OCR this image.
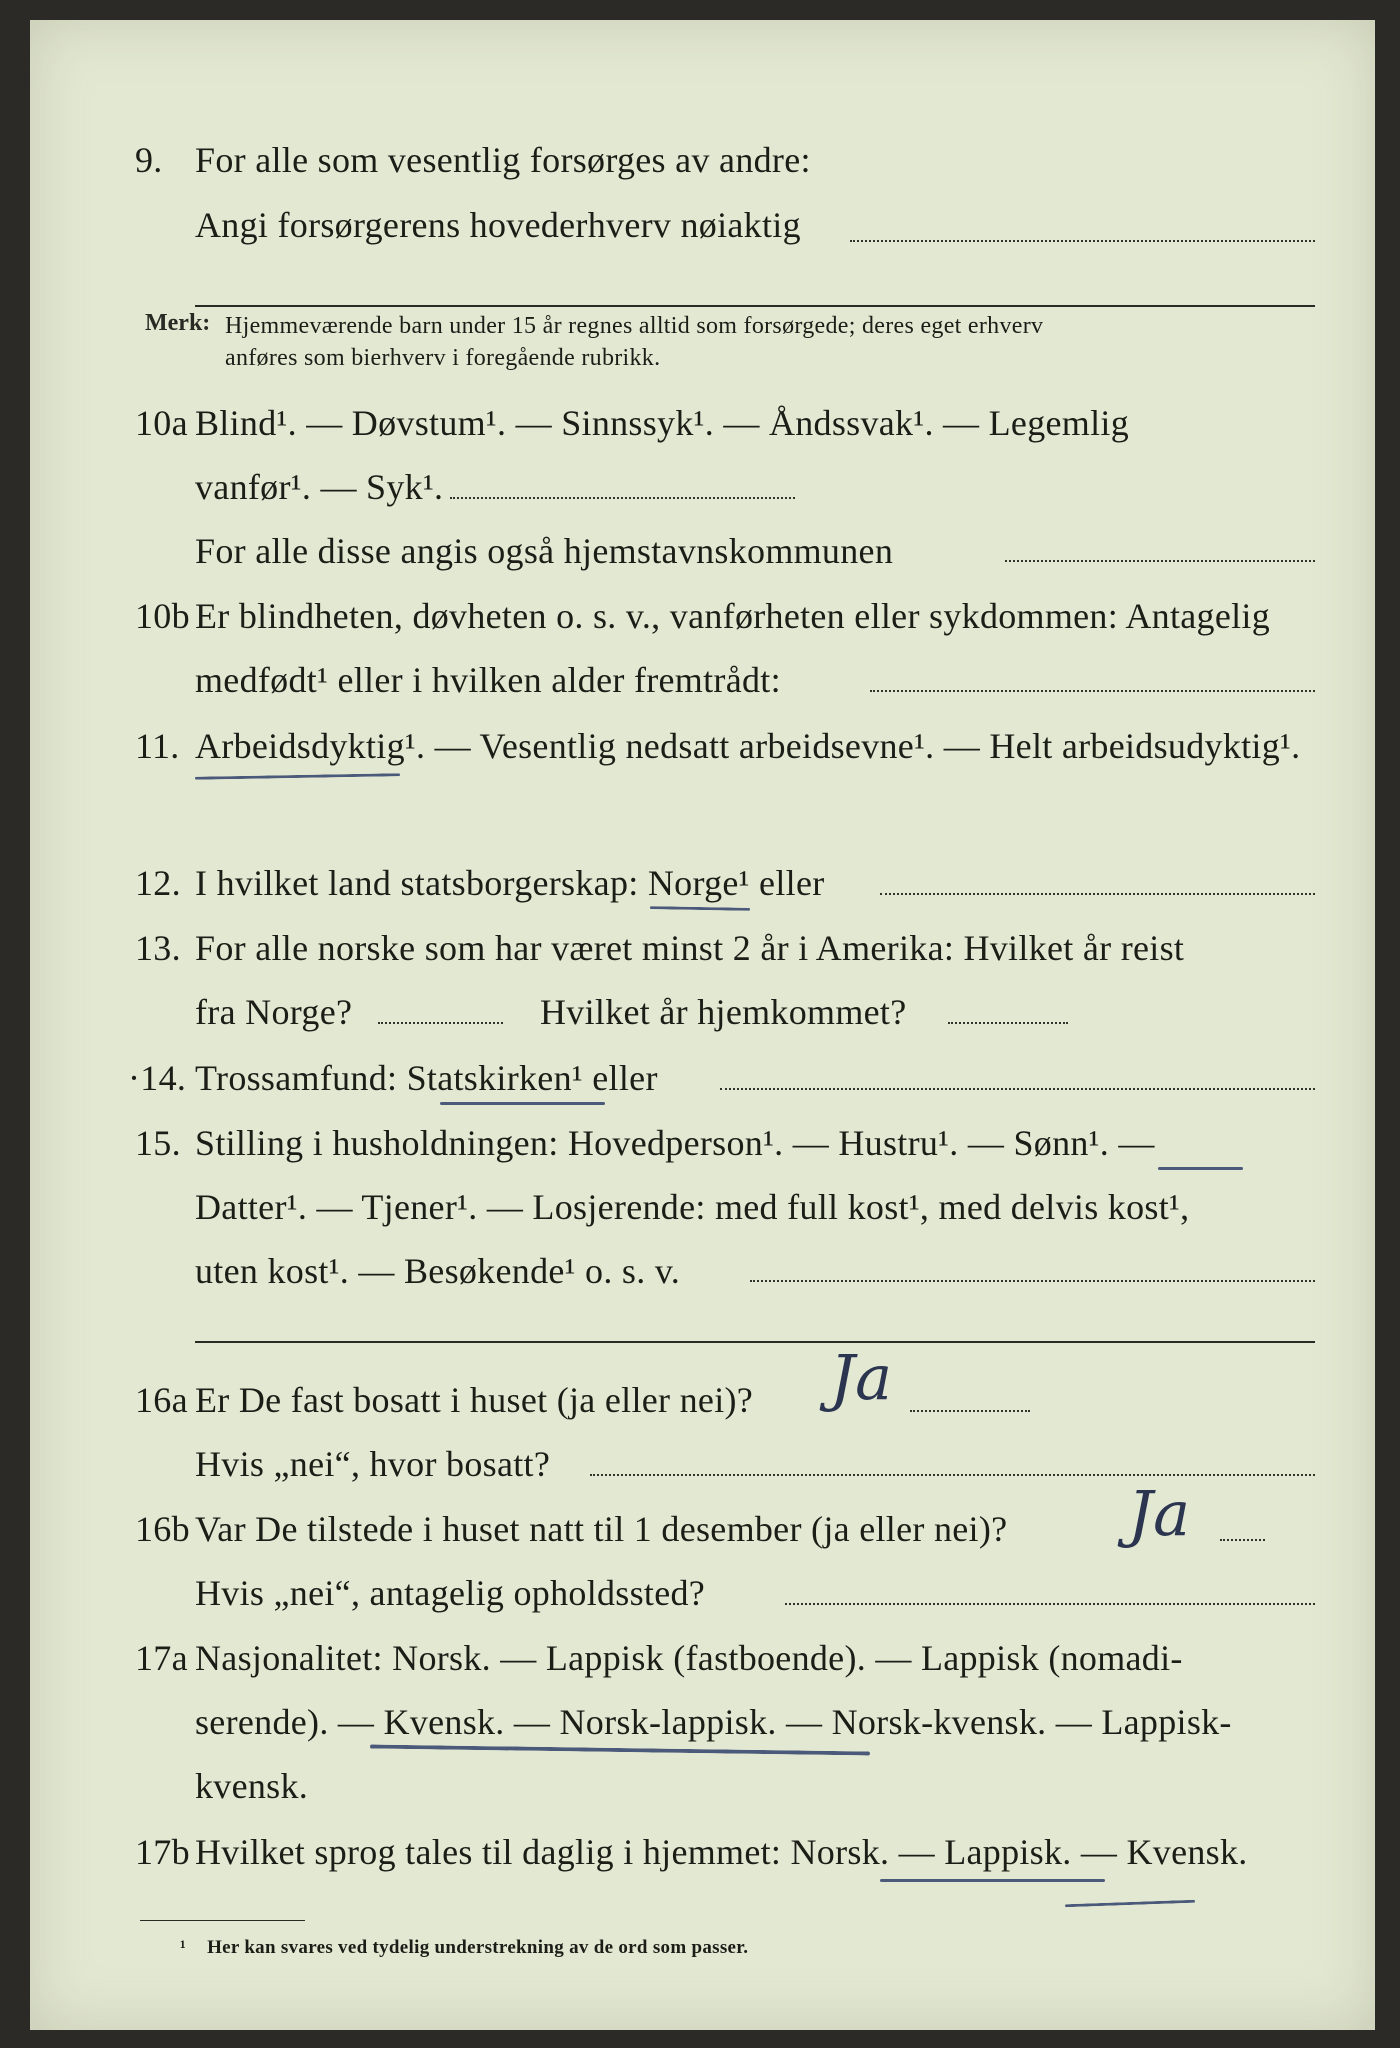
9. For alle som vesentlig forsørges av andre:
Angi forsørgerens hovederhverv nøiaktig
Merk: Hjemmeværende barn under 15 år regnes alltid som forsørgede; deres eget erhverv
anføres som bierhverv i foregående rubrikk.
10a Blind¹. — Døvstum¹. — Sinnssyk¹. — Åndssvak¹. — Legemlig
vanfør¹. — Syk¹.
For alle disse angis også hjemstavnskommunen
10b Er blindheten, døvheten o. s. v., vanførheten eller sykdommen: Antagelig
medfødt¹ eller i hvilken alder fremtrådt:
11. Arbeidsdyktig¹. — Vesentlig nedsatt arbeidsevne¹. — Helt arbeidsudyktig¹.
12. I hvilket land statsborgerskap: Norge¹ eller
13. For alle norske som har været minst 2 år i Amerika: Hvilket år reist
fra Norge?	Hvilket år hjemkommet?
·14. Trossamfund: Statskirken¹ eller
15. Stilling i husholdningen: Hovedperson¹. — Hustru¹. — Sønn¹. —
Datter¹. — Tjener¹. — Losjerende: med full kost¹, med delvis kost¹,
uten kost¹. — Besøkende¹ o. s. v.
16a Er De fast bosatt i huset (ja eller nei)? Ja
Hvis „nei“, hvor bosatt?
16b Var De tilstede i huset natt til 1 desember (ja eller nei)? Ja
Hvis „nei“, antagelig opholdssted?
17a Nasjonalitet: Norsk. — Lappisk (fastboende). — Lappisk (nomadi-
serende). — Kvensk. — Norsk-lappisk. — Norsk-kvensk. — Lappisk-
kvensk.
17b Hvilket sprog tales til daglig i hjemmet: Norsk. — Lappisk. — Kvensk.
¹ Her kan svares ved tydelig understrekning av de ord som passer.
